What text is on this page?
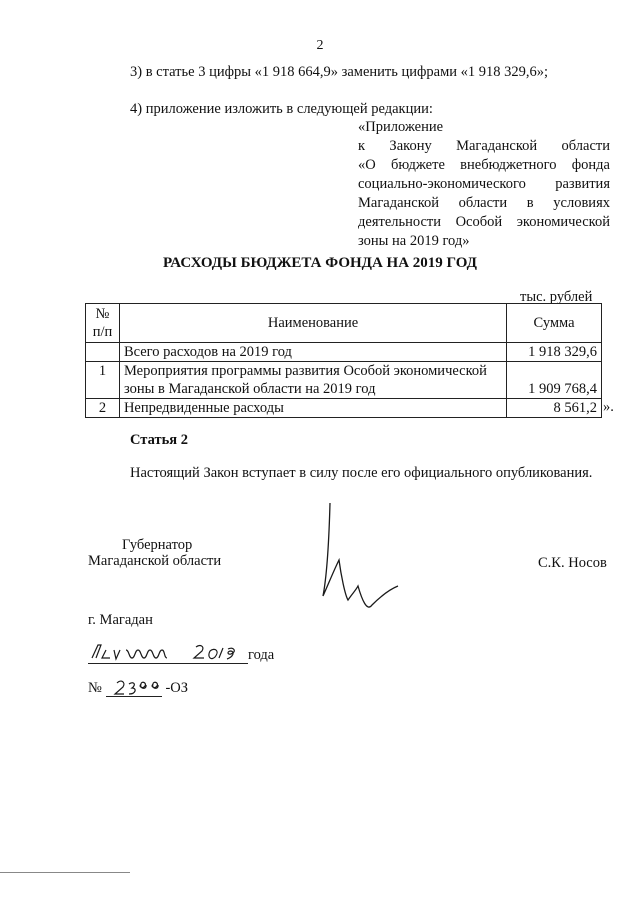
2
3) в статье 3 цифры «1 918 664,9» заменить цифрами «1 918 329,6»;
4) приложение изложить в следующей редакции:
«Приложение
к Закону Магаданской области
«О бюджете внебюджетного фонда
социально-экономического развития
Магаданской области в условиях
деятельности Особой экономической
зоны на 2019 год»
РАСХОДЫ БЮДЖЕТА ФОНДА НА 2019 ГОД
тыс. рублей
№
п/п	Наименование	Сумма
	Всего расходов на 2019 год	1 918 329,6
1	Мероприятия программы развития Особой экономической
зоны в Магаданской области на 2019 год	1 909 768,4
2	Непредвиденные расходы	8 561,2 ».
Статья 2
Настоящий Закон вступает в силу после его официального опубликования.
Губернатор
Магаданской области	С.К. Носов
г. Магадан
года
№	-ОЗ
